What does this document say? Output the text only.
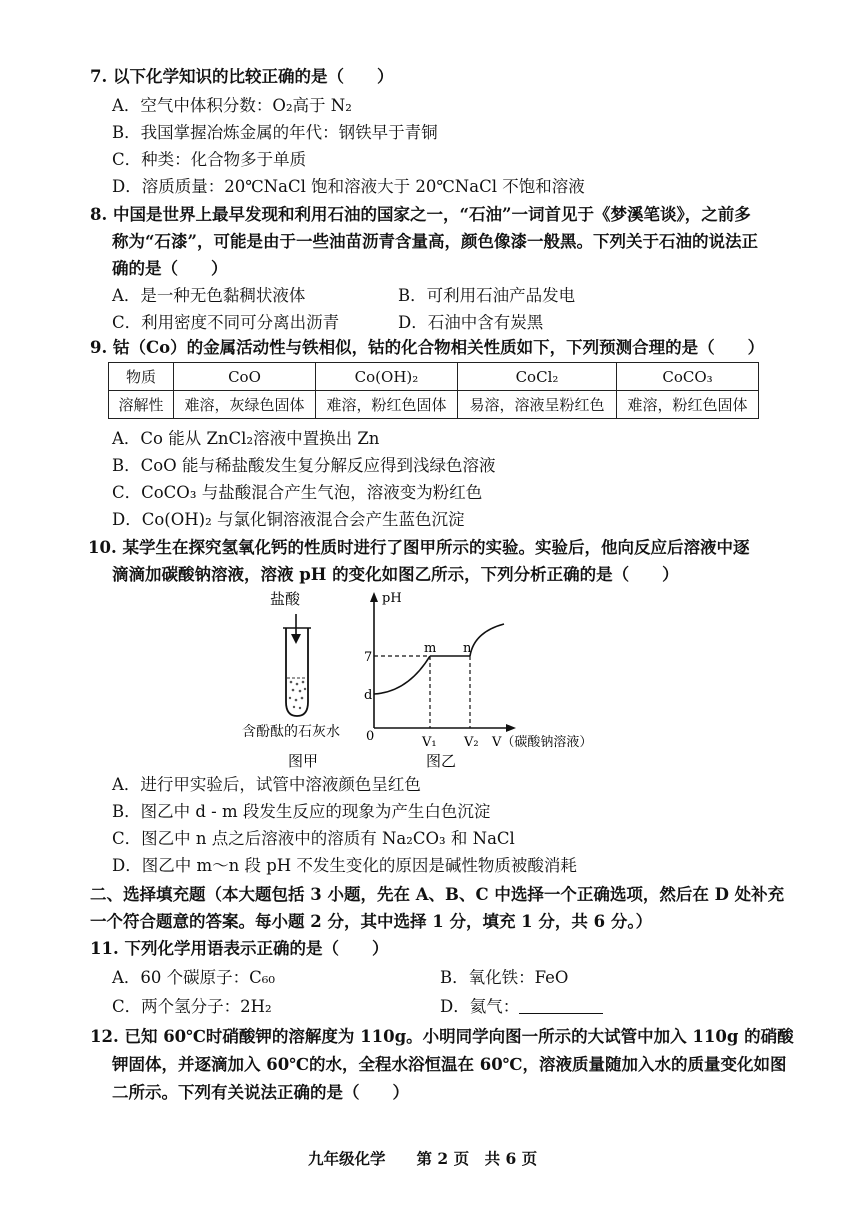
7. 以下化学知识的比较正确的是（　　）
A．空气中体积分数：O₂高于 N₂
B．我国掌握冶炼金属的年代：钢铁早于青铜
C．种类：化合物多于单质
D．溶质质量：20℃NaCl 饱和溶液大于 20℃NaCl 不饱和溶液
8. 中国是世界上最早发现和利用石油的国家之一，“石油”一词首见于《梦溪笔谈》，之前多
称为“石漆”，可能是由于一些油苗沥青含量高，颜色像漆一般黑。下列关于石油的说法正
确的是（　　）
A．是一种无色黏稠状液体	B．可利用石油产品发电
C．利用密度不同可分离出沥青	D．石油中含有炭黑
9. 钴（Co）的金属活动性与铁相似，钴的化合物相关性质如下，下列预测合理的是（　　）
物质	CoO	Co(OH)₂	CoCl₂	CoCO₃
溶解性	难溶，灰绿色固体	难溶，粉红色固体	易溶，溶液呈粉红色	难溶，粉红色固体
A．Co 能从 ZnCl₂溶液中置换出 Zn
B．CoO 能与稀盐酸发生复分解反应得到浅绿色溶液
C．CoCO₃ 与盐酸混合产生气泡，溶液变为粉红色
D．Co(OH)₂ 与氯化铜溶液混合会产生蓝色沉淀
10. 某学生在探究氢氧化钙的性质时进行了图甲所示的实验。实验后，他向反应后溶液中逐
滴滴加碳酸钠溶液，溶液 pH 的变化如图乙所示，下列分析正确的是（　　）
盐酸
含酚酞的石灰水
图甲
pH
7
d
0
m n
V₁ V₂ V（碳酸钠溶液）
图乙
A．进行甲实验后，试管中溶液颜色呈红色
B．图乙中 d - m 段发生反应的现象为产生白色沉淀
C．图乙中 n 点之后溶液中的溶质有 Na₂CO₃ 和 NaCl
D．图乙中 m～n 段 pH 不发生变化的原因是碱性物质被酸消耗
二、选择填充题（本大题包括 3 小题，先在 A、B、C 中选择一个正确选项，然后在 D 处补充
一个符合题意的答案。每小题 2 分，其中选择 1 分，填充 1 分，共 6 分。）
11. 下列化学用语表示正确的是（　　）
A．60 个碳原子：C₆₀	B．氧化铁：FeO
C．两个氢分子：2H₂	D．氦气：
12. 已知 60℃时硝酸钾的溶解度为 110g。小明同学向图一所示的大试管中加入 110g 的硝酸
钾固体，并逐滴加入 60℃的水，全程水浴恒温在 60℃，溶液质量随加入水的质量变化如图
二所示。下列有关说法正确的是（　　）
九年级化学　　第 2 页　共 6 页
